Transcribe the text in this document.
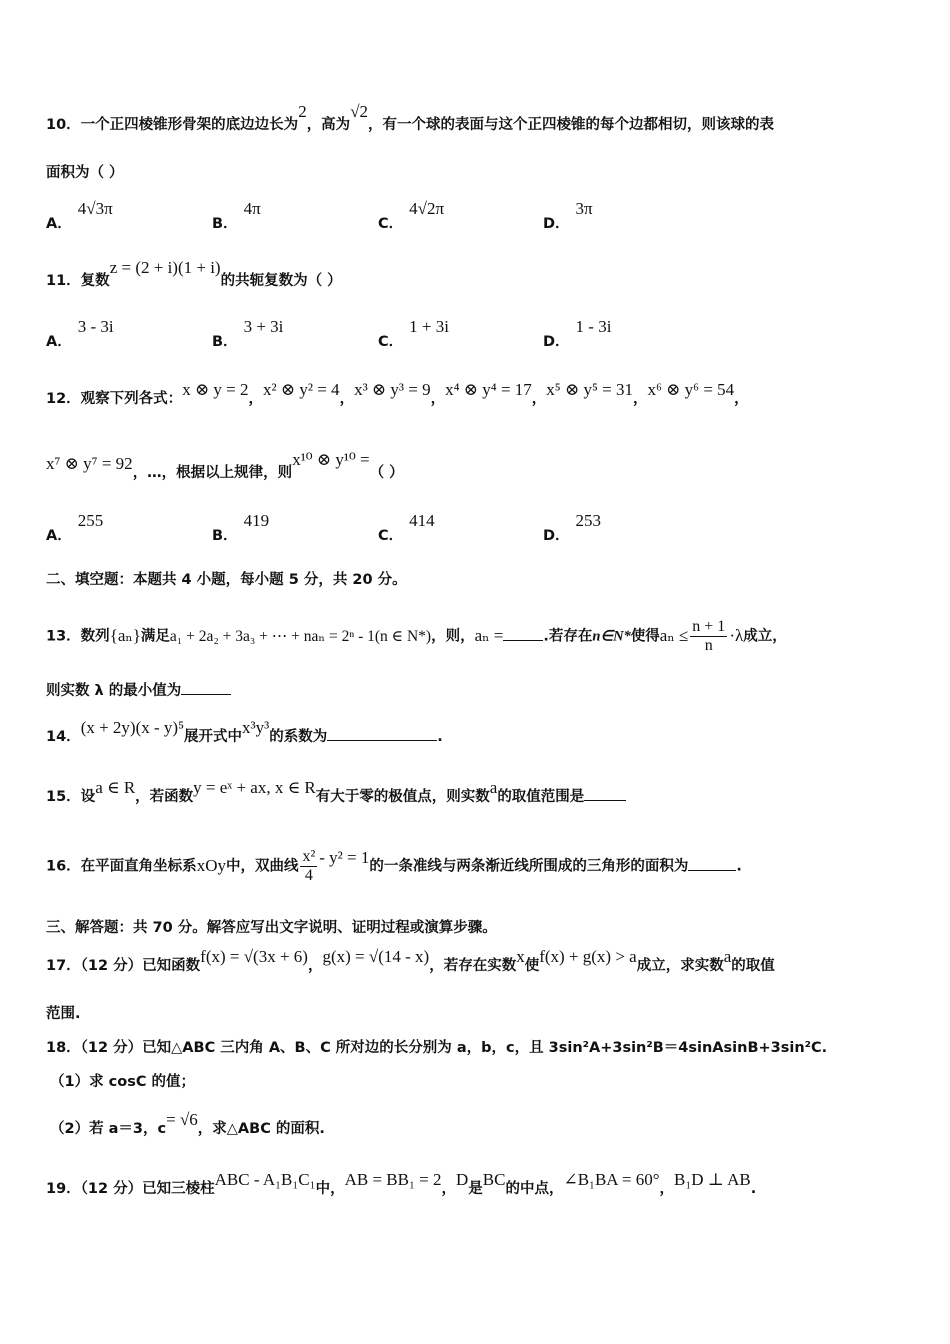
10．一个正四棱锥形骨架的底边边长为2，高为√2，有一个球的表面与这个正四棱锥的每个边都相切，则该球的表
面积为（ ）
A．4√3π
B．4π
C．4√2π
D．3π
11．复数z = (2 + i)(1 + i)的共轭复数为（ ）
A．3 - 3i
B．3 + 3i
C．1 + 3i
D．1 - 3i
12．观察下列各式：x ⊗ y = 2，x² ⊗ y² = 4，x³ ⊗ y³ = 9，x⁴ ⊗ y⁴ = 17，x⁵ ⊗ y⁵ = 31，x⁶ ⊗ y⁶ = 54，
x⁷ ⊗ y⁷ = 92，…，根据以上规律，则x¹⁰ ⊗ y¹⁰ =（ ）
A．255
B．419
C．414
D．253
二、填空题：本题共 4 小题，每小题 5 分，共 20 分。
13．数列{aₙ}满足a₁ + 2a₂ + 3a₃ + ⋯ + naₙ = 2ⁿ - 1(n ∈ N*)，则，aₙ =	.若存在n∈N*使得$a_n \le \frac{n + 1}{n} \cdot\lambda$成立，
则实数 λ 的最小值为
14．(x + 2y)(x - y)⁵展开式中x³y³的系数为	.
15．设a ∈ R，若函数y = eˣ + ax, x ∈ R有大于零的极值点，则实数a的取值范围是
16．在平面直角坐标系xOy中，双曲线 $\frac{\text{x²}}{4} - y^2 = 1$的一条准线与两条渐近线所围成的三角形的面积为	.
三、解答题：共 70 分。解答应写出文字说明、证明过程或演算步骤。
17．（12 分）已知函数f(x) = √(3x + 6)，g(x) = √(14 - x)，若存在实数x使f(x) + g(x) > a成立，求实数a的取值
范围.
18．（12 分）已知△ABC 三内角 A、B、C 所对边的长分别为 a，b，c，且 3sin²A+3sin²B＝4sinAsinB+3sin²C.
（1）求 cosC 的值；
（2）若 a＝3，c= √6，求△ABC 的面积.
19．（12 分）已知三棱柱ABC - A₁B₁C₁中，AB = BB₁ = 2，D是BC的中点，∠B₁BA = 60°，B₁D ⊥ AB.
